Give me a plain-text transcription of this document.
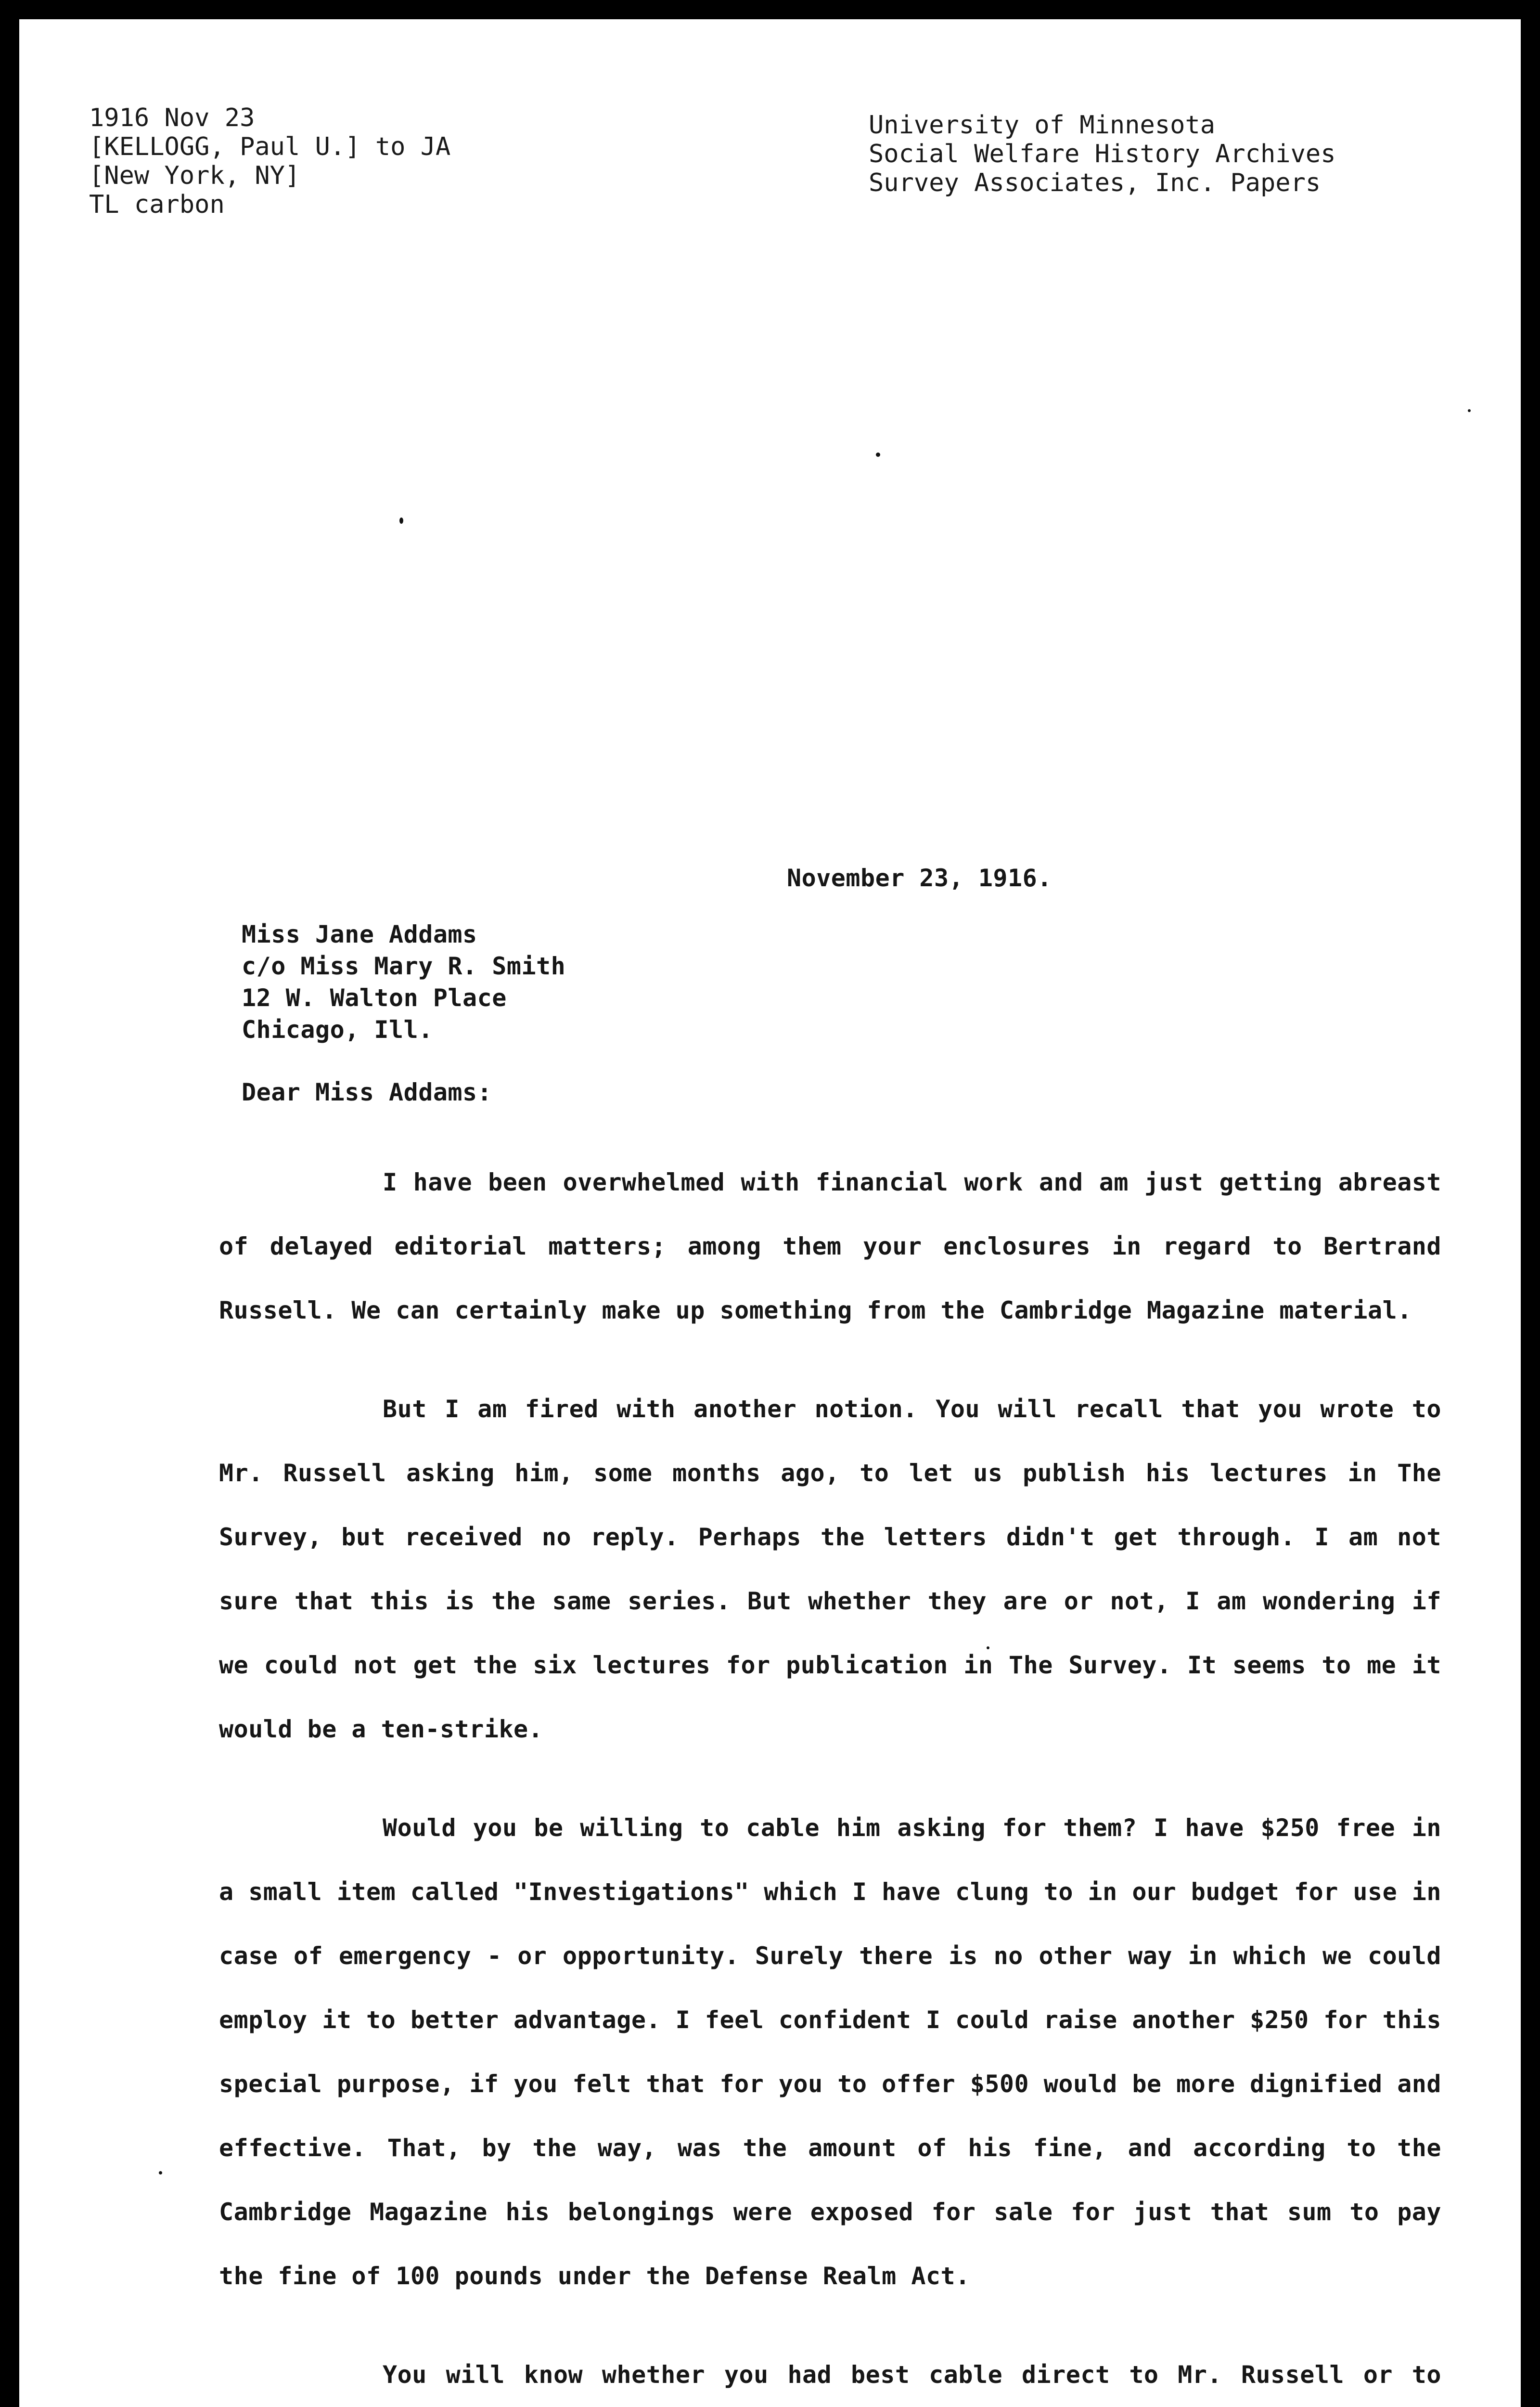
1916 Nov 23
[KELLOGG, Paul U.] to JA
[New York, NY]
TL carbon
University of Minnesota
Social Welfare History Archives
Survey Associates, Inc. Papers
November 23, 1916.
Miss Jane Addams
c/o Miss Mary R. Smith
12 W. Walton Place
Chicago, Ill.
Dear Miss Addams:

I have been overwhelmed with financial work and am just getting abreast of delayed editorial matters; among them your enclosures in regard to Bertrand Russell. We can certainly make up something from the Cambridge Magazine material.

But I am fired with another notion. You will recall that you wrote to Mr. Russell asking him, some months ago, to let us publish his lectures in The Survey, but received no reply. Perhaps the letters didn't get through. I am not sure that this is the same series. But whether they are or not, I am wondering if we could not get the six lectures for publication in The Survey. It seems to me it would be a ten-strike.

Would you be willing to cable him asking for them? I have $250 free in a small item called "Investigations" which I have clung to in our budget for use in case of emergency - or opportunity. Surely there is no other way in which we could employ it to better advantage. I feel confident I could raise another $250 for this special purpose, if you felt that for you to offer $500 would be more dignified and effective. That, by the way, was the amount of his fine, and according to the Cambridge Magazine his belongings were exposed for sale for just that sum to pay the fine of 100 pounds under the Defense Realm Act.

You will know whether you had best cable direct to Mr. Russell or to
